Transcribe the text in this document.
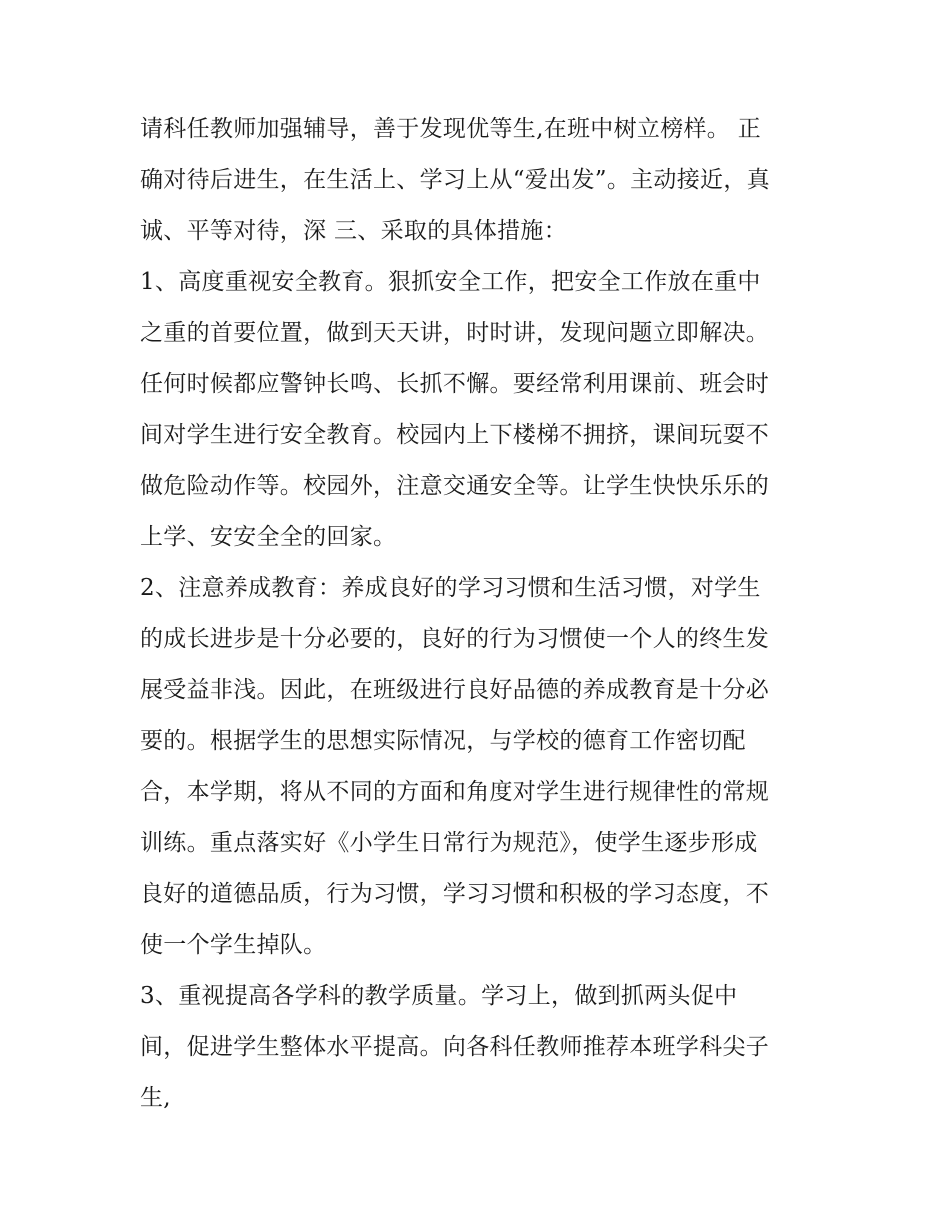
请科任教师加强辅导，善于发现优等生,在班中树立榜样。 正
确对待后进生，在生活上、学习上从“爱出发”。主动接近，真
诚、平等对待，深 三、采取的具体措施：
1、高度重视安全教育。狠抓安全工作，把安全工作放在重中
之重的首要位置，做到天天讲，时时讲，发现问题立即解决。
任何时候都应警钟长鸣、长抓不懈。要经常利用课前、班会时
间对学生进行安全教育。校园内上下楼梯不拥挤，课间玩耍不
做危险动作等。校园外，注意交通安全等。让学生快快乐乐的
上学、安安全全的回家。
2、注意养成教育：养成良好的学习习惯和生活习惯，对学生
的成长进步是十分必要的，良好的行为习惯使一个人的终生发
展受益非浅。因此，在班级进行良好品德的养成教育是十分必
要的。根据学生的思想实际情况，与学校的德育工作密切配
合，本学期，将从不同的方面和角度对学生进行规律性的常规
训练。重点落实好《小学生日常行为规范》，使学生逐步形成
良好的道德品质，行为习惯，学习习惯和积极的学习态度，不
使一个学生掉队。
3、重视提高各学科的教学质量。学习上，做到抓两头促中
间，促进学生整体水平提高。向各科任教师推荐本班学科尖子
生,
